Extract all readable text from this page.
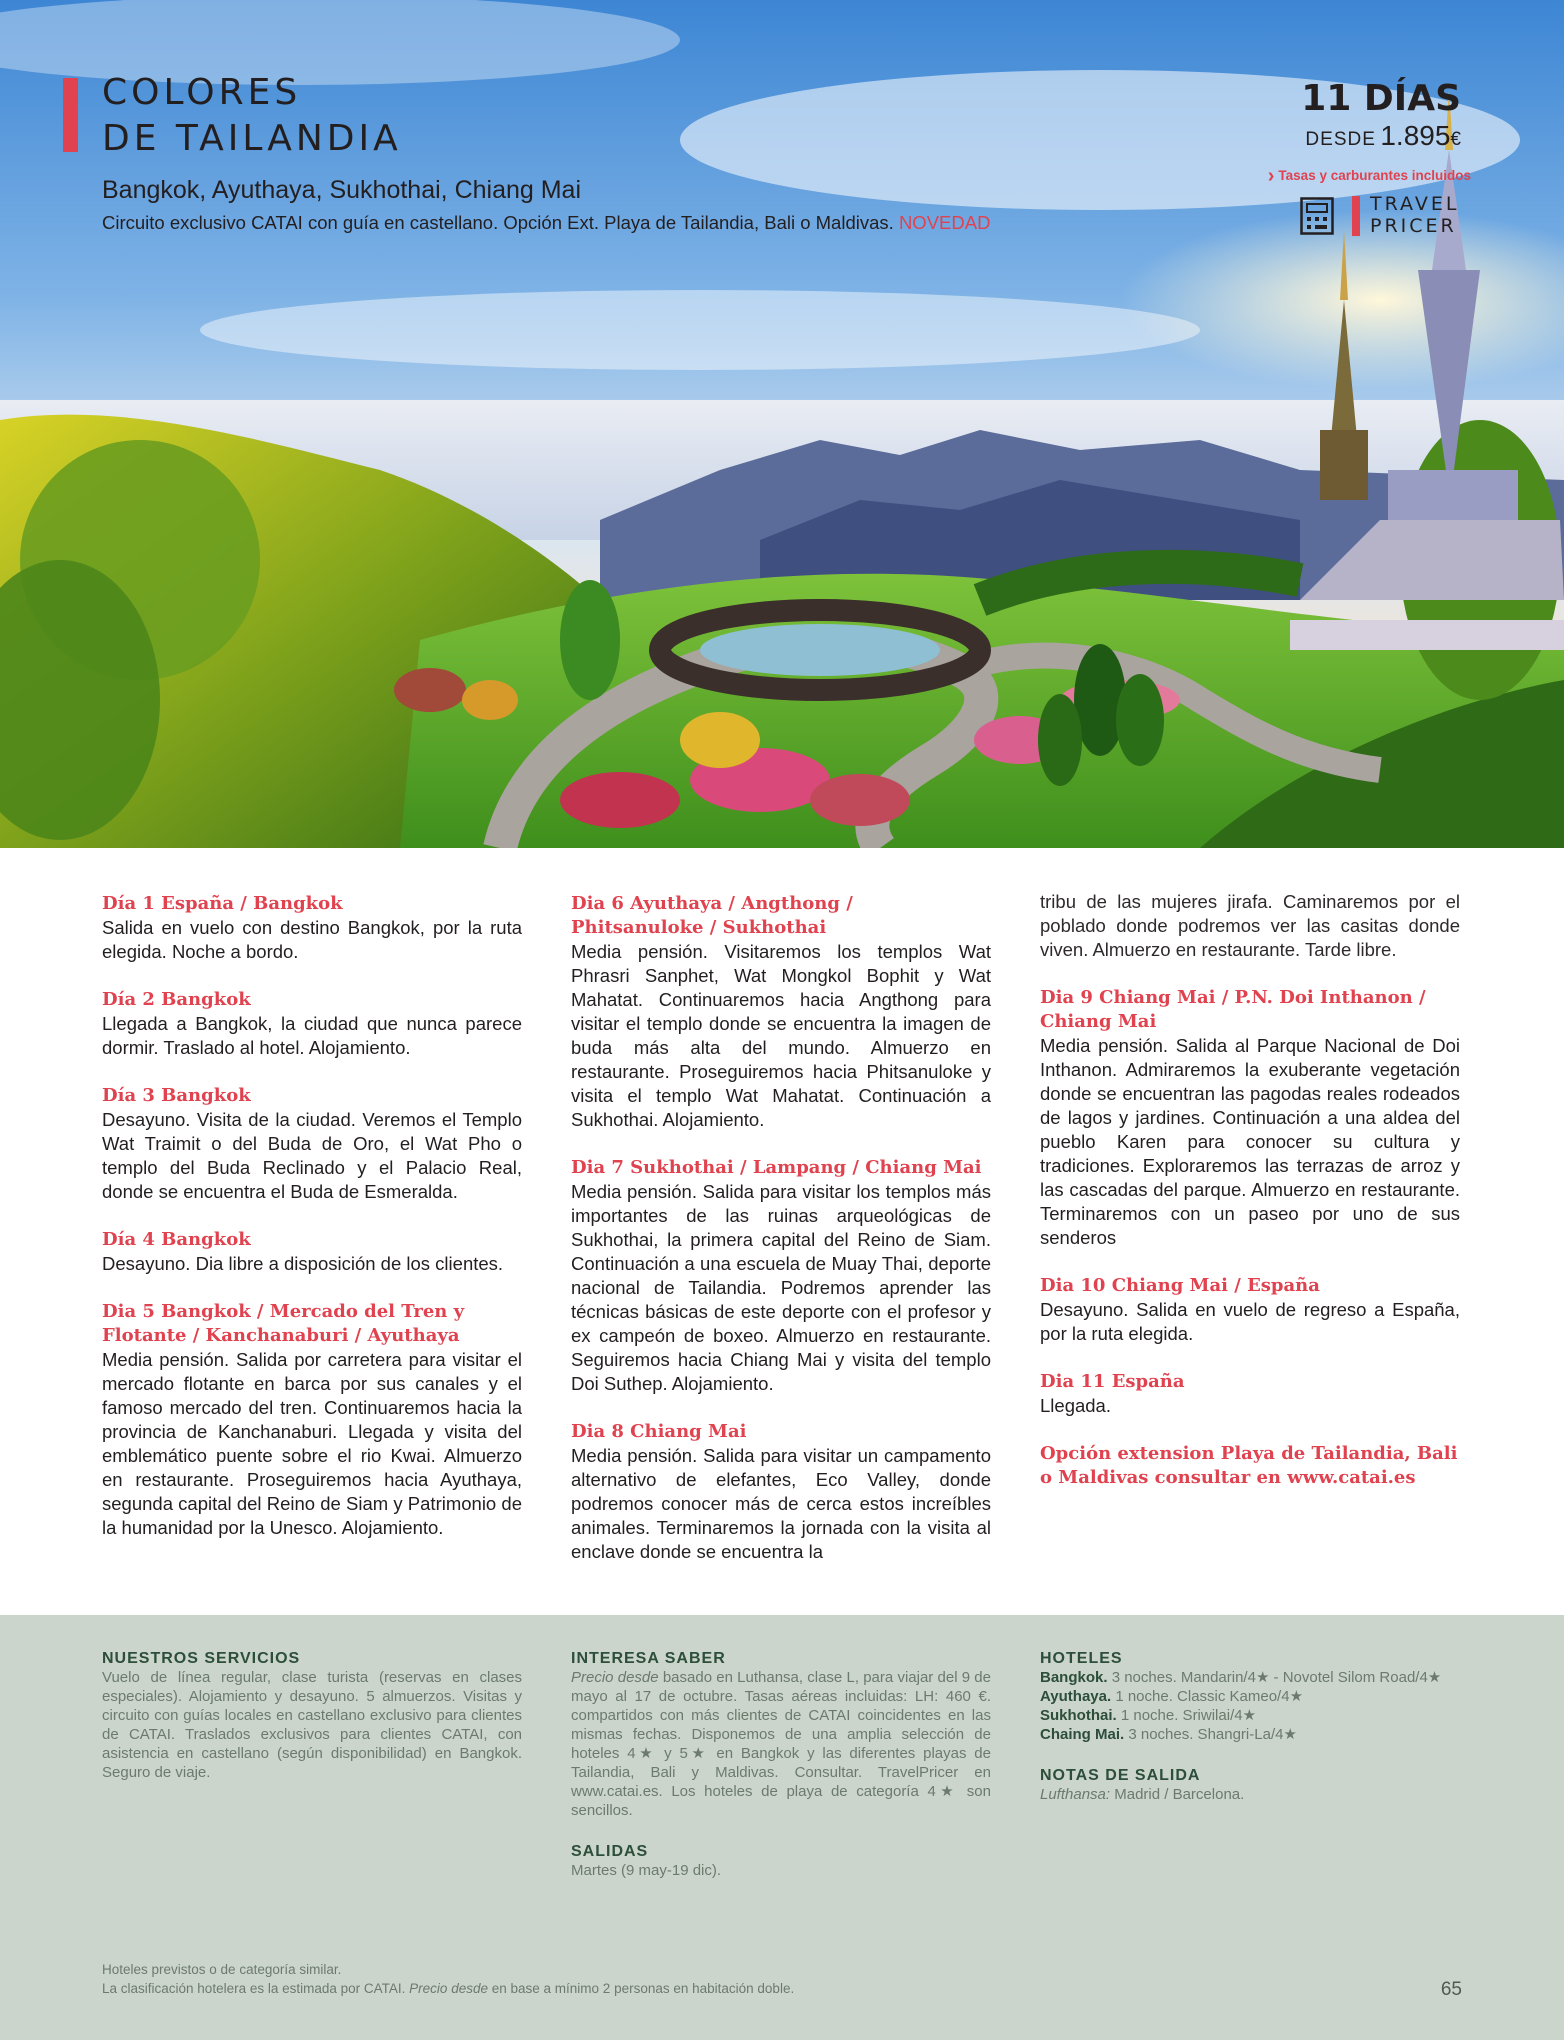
COLORES
DE TAILANDIA
Bangkok, Ayuthaya, Sukhothai, Chiang Mai
Circuito exclusivo CATAI con guía en castellano. Opción Ext. Playa de Tailandia, Bali o Maldivas. NOVEDAD
11 DÍAS
DESDE 1.895€
› Tasas y carburantes incluidos
TRAVEL
PRICER
Día 1 España / Bangkok

Salida en vuelo con destino Bangkok, por la ruta elegida. Noche a bordo.

Día 2 Bangkok

Llegada a Bangkok, la ciudad que nunca parece dormir. Traslado al hotel. Alojamiento.

Día 3 Bangkok

Desayuno. Visita de la ciudad. Veremos el Templo Wat Traimit o del Buda de Oro, el Wat Pho o templo del Buda Reclinado y el Palacio Real, donde se encuentra el Buda de Esmeralda.

Día 4 Bangkok

Desayuno. Dia libre a disposición de los clientes.

Dia 5 Bangkok / Mercado del Tren y Flotante / Kanchanaburi / Ayuthaya

Media pensión. Salida por carretera para visitar el mercado flotante en barca por sus canales y el famoso mercado del tren. Continuaremos hacia la provincia de Kanchanaburi. Llegada y visita del emblemático puente sobre el rio Kwai. Almuerzo en restaurante. Proseguiremos hacia Ayuthaya, segunda capital del Reino de Siam y Patrimonio de la humanidad por la Unesco. Alojamiento.

Dia 6 Ayuthaya / Angthong / Phitsanuloke / Sukhothai

Media pensión. Visitaremos los templos Wat Phrasri Sanphet, Wat Mongkol Bophit y Wat Mahatat. Continuaremos hacia Angthong para visitar el templo donde se encuentra la imagen de buda más alta del mundo. Almuerzo en restaurante. Proseguiremos hacia Phitsanuloke y visita el templo Wat Mahatat. Continuación a Sukhothai. Alojamiento.

Dia 7 Sukhothai / Lampang / Chiang Mai

Media pensión. Salida para visitar los templos más importantes de las ruinas arqueológicas de Sukhothai, la primera capital del Reino de Siam. Continuación a una escuela de Muay Thai, deporte nacional de Tailandia. Podremos aprender las técnicas básicas de este deporte con el profesor y ex campeón de boxeo. Almuerzo en restaurante. Seguiremos hacia Chiang Mai y visita del templo Doi Suthep. Alojamiento.

Dia 8 Chiang Mai

Media pensión. Salida para visitar un campamento alternativo de elefantes, Eco Valley, donde podremos conocer más de cerca estos increíbles animales. Terminaremos la jornada con la visita al enclave donde se encuentra la

tribu de las mujeres jirafa. Caminaremos por el poblado donde podremos ver las casitas donde viven. Almuerzo en restaurante. Tarde libre.

Dia 9 Chiang Mai / P.N. Doi Inthanon / Chiang Mai

Media pensión. Salida al Parque Nacional de Doi Inthanon. Admiraremos la exuberante vegetación donde se encuentran las pagodas reales rodeados de lagos y jardines. Continuación a una aldea del pueblo Karen para conocer su cultura y tradiciones. Exploraremos las terrazas de arroz y las cascadas del parque. Almuerzo en restaurante. Terminaremos con un paseo por uno de sus senderos

Dia 10 Chiang Mai / España

Desayuno. Salida en vuelo de regreso a España, por la ruta elegida.

Dia 11 España

Llegada.

Opción extension Playa de Tailandia, Bali o Maldivas consultar en www.catai.es
NUESTROS SERVICIOS

Vuelo de línea regular, clase turista (reservas en clases especiales). Alojamiento y desayuno. 5 almuerzos. Visitas y circuito con guías locales en castellano exclusivo para clientes de CATAI. Traslados exclusivos para clientes CATAI, con asistencia en castellano (según disponibilidad) en Bangkok. Seguro de viaje.

INTERESA SABER

Precio desde basado en Luthansa, clase L, para viajar del 9 de mayo al 17 de octubre. Tasas aéreas incluidas: LH: 460 €. compartidos con más clientes de CATAI coincidentes en las mismas fechas. Disponemos de una amplia selección de hoteles 4★ y 5★ en Bangkok y las diferentes playas de Tailandia, Bali y Maldivas. Consultar. TravelPricer en www.catai.es. Los hoteles de playa de categoría 4★ son sencillos.

SALIDAS

Martes (9 may-19 dic).

HOTELES
Bangkok. 3 noches. Mandarin/4★ - Novotel Silom Road/4★
Ayuthaya. 1 noche. Classic Kameo/4★
Sukhothai. 1 noche. Sriwilai/4★
Chaing Mai. 3 noches. Shangri-La/4★
NOTAS DE SALIDA

Lufthansa: Madrid / Barcelona.

Hoteles previstos o de categoría similar.
La clasificación hotelera es la estimada por CATAI. Precio desde en base a mínimo 2 personas en habitación doble.	65
